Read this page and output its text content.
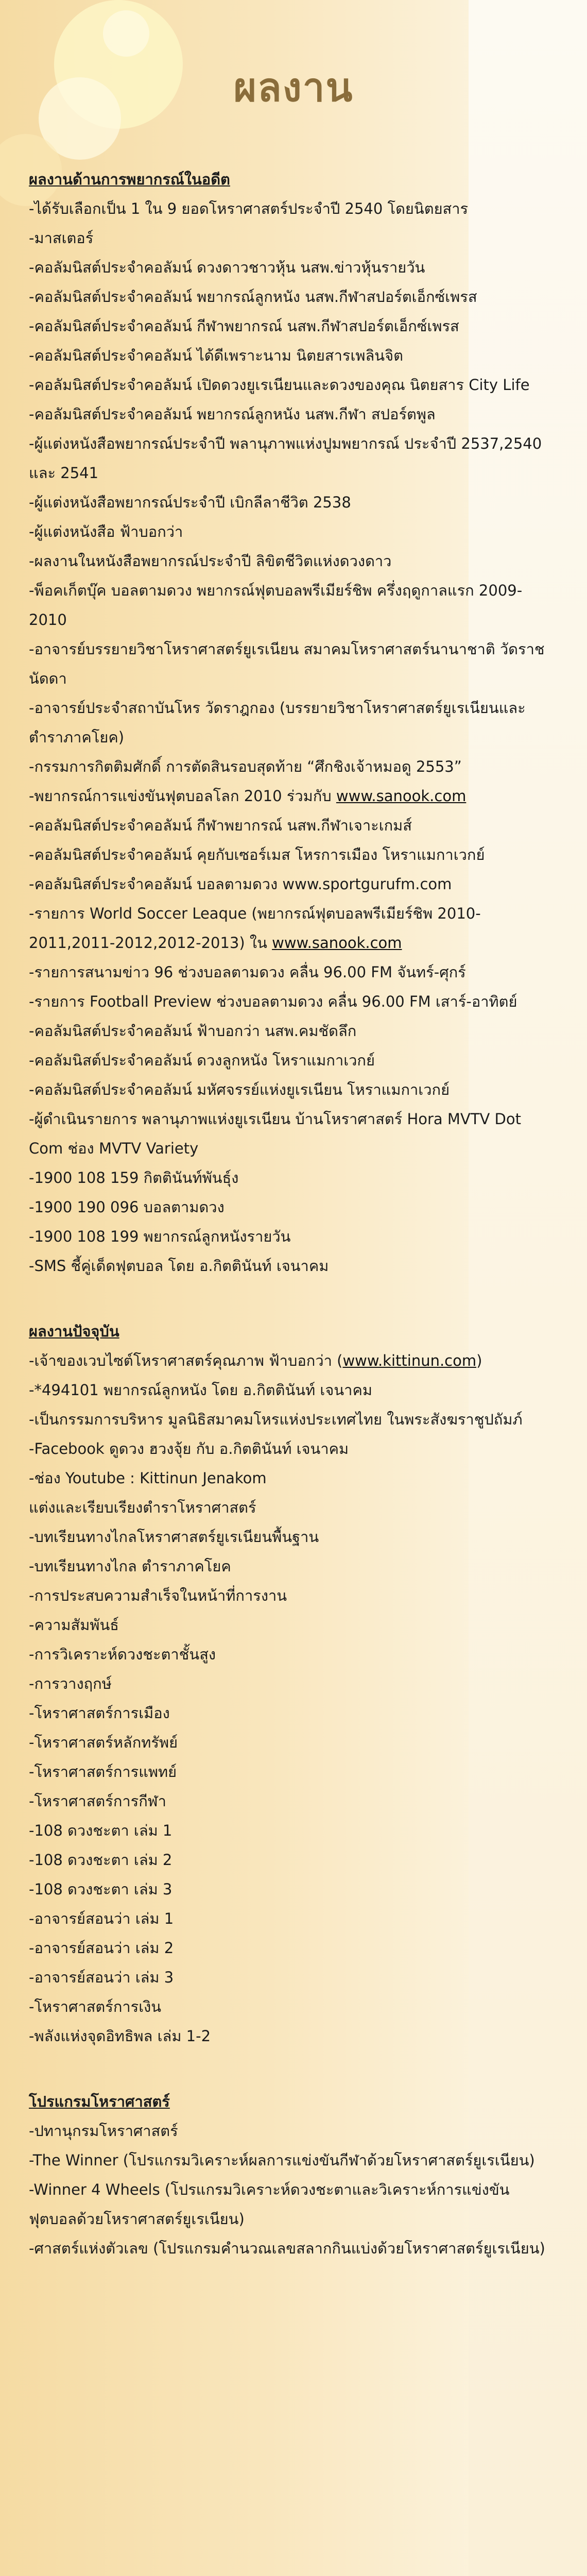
ผลงาน

ผลงานด้านการพยากรณ์ในอดีต

-ได้รับเลือกเป็น 1 ใน 9 ยอดโหราศาสตร์ประจำปี 2540 โดยนิตยสาร

-มาสเตอร์

-คอลัมนิสต์ประจำคอลัมน์ ดวงดาวชาวหุ้น นสพ.ข่าวหุ้นรายวัน

-คอลัมนิสต์ประจำคอลัมน์ พยากรณ์ลูกหนัง นสพ.กีฬาสปอร์ตเอ็กซ์เพรส

-คอลัมนิสต์ประจำคอลัมน์ กีฬาพยากรณ์ นสพ.กีฬาสปอร์ตเอ็กซ์เพรส

-คอลัมนิสต์ประจำคอลัมน์ ได้ดีเพราะนาม นิตยสารเพลินจิต

-คอลัมนิสต์ประจำคอลัมน์ เปิดดวงยูเรเนียนและดวงของคุณ นิตยสาร City Life

-คอลัมนิสต์ประจำคอลัมน์ พยากรณ์ลูกหนัง นสพ.กีฬา สปอร์ตพูล

-ผู้แต่งหนังสือพยากรณ์ประจำปี พลานุภาพแห่งปูมพยากรณ์ ประจำปี 2537,2540 และ 2541

-ผู้แต่งหนังสือพยากรณ์ประจำปี เบิกลีลาชีวิต 2538

-ผู้แต่งหนังสือ ฟ้าบอกว่า

-ผลงานในหนังสือพยากรณ์ประจำปี ลิขิตชีวิตแห่งดวงดาว

-พ็อคเก็ตบุ๊ค บอลตามดวง พยากรณ์ฟุตบอลพรีเมียร์ชิพ ครึ่งฤดูกาลแรก 2009-2010

-อาจารย์บรรยายวิชาโหราศาสตร์ยูเรเนียน สมาคมโหราศาสตร์นานาชาติ วัดราชนัดดา

-อาจารย์ประจำสถาบันโหร วัดราฎกอง (บรรยายวิชาโหราศาสตร์ยูเรเนียนและตำราภาคโยค)

-กรรมการกิตติมศักดิ์ การตัดสินรอบสุดท้าย “ศึกชิงเจ้าหมอดู 2553”

-พยากรณ์การแข่งขันฟุตบอลโลก 2010 ร่วมกับ www.sanook.com

-คอลัมนิสต์ประจำคอลัมน์ กีฬาพยากรณ์ นสพ.กีฬาเจาะเกมส์

-คอลัมนิสต์ประจำคอลัมน์ คุยกับเซอร์เมส โหรการเมือง โหราแมกาเวกย์

-คอลัมนิสต์ประจำคอลัมน์ บอลตามดวง www.sportgurufm.com

-รายการ World Soccer Leaque (พยากรณ์ฟุตบอลพรีเมียร์ชิพ 2010-2011,2011-2012,2012-2013) ใน www.sanook.com

-รายการสนามข่าว 96 ช่วงบอลตามดวง คลื่น 96.00 FM จันทร์-ศุกร์

-รายการ Football Preview ช่วงบอลตามดวง คลื่น 96.00 FM เสาร์-อาทิตย์

-คอลัมนิสต์ประจำคอลัมน์ ฟ้าบอกว่า นสพ.คมชัดลึก

-คอลัมนิสต์ประจำคอลัมน์ ดวงลูกหนัง โหราแมกาเวกย์

-คอลัมนิสต์ประจำคอลัมน์ มหัศจรรย์แห่งยูเรเนียน โหราแมกาเวกย์

-ผู้ดำเนินรายการ พลานุภาพแห่งยูเรเนียน บ้านโหราศาสตร์ Hora MVTV Dot Com ช่อง MVTV Variety

-1900 108 159 กิตตินันท์พันธุ์ง

-1900 190 096 บอลตามดวง

-1900 108 199 พยากรณ์ลูกหนังรายวัน

-SMS ชี้คู่เด็ดฟุตบอล โดย อ.กิตตินันท์ เจนาคม

ผลงานปัจจุบัน

-เจ้าของเวบไซต์โหราศาสตร์คุณภาพ ฟ้าบอกว่า (www.kittinun.com)

-*494101 พยากรณ์ลูกหนัง โดย อ.กิตตินันท์ เจนาคม

-เป็นกรรมการบริหาร มูลนิธิสมาคมโหรแห่งประเทศไทย ในพระสังฆราชูปถัมภ์

-Facebook ดูดวง ฮวงจุ้ย กับ อ.กิตตินันท์ เจนาคม

-ช่อง Youtube : Kittinun Jenakom

แต่งและเรียบเรียงตำราโหราศาสตร์

-บทเรียนทางไกลโหราศาสตร์ยูเรเนียนพื้นฐาน

-บทเรียนทางไกล ตำราภาคโยค

-การประสบความสำเร็จในหน้าที่การงาน

-ความสัมพันธ์

-การวิเคราะห์ดวงชะตาชั้นสูง

-การวางฤกษ์

-โหราศาสตร์การเมือง

-โหราศาสตร์หลักทรัพย์

-โหราศาสตร์การแพทย์

-โหราศาสตร์การกีฬา

-108 ดวงชะตา เล่ม 1

-108 ดวงชะตา เล่ม 2

-108 ดวงชะตา เล่ม 3

-อาจารย์สอนว่า เล่ม 1

-อาจารย์สอนว่า เล่ม 2

-อาจารย์สอนว่า เล่ม 3

-โหราศาสตร์การเงิน

-พลังแห่งจุดอิทธิพล เล่ม 1-2

โปรแกรมโหราศาสตร์

-ปทานุกรมโหราศาสตร์

-The Winner (โปรแกรมวิเคราะห์ผลการแข่งขันกีฬาด้วยโหราศาสตร์ยูเรเนียน)

-Winner 4 Wheels (โปรแกรมวิเคราะห์ดวงชะตาและวิเคราะห์การแข่งขันฟุตบอลด้วยโหราศาสตร์ยูเรเนียน)

-ศาสตร์แห่งตัวเลข (โปรแกรมคำนวณเลขสลากกินแบ่งด้วยโหราศาสตร์ยูเรเนียน)
